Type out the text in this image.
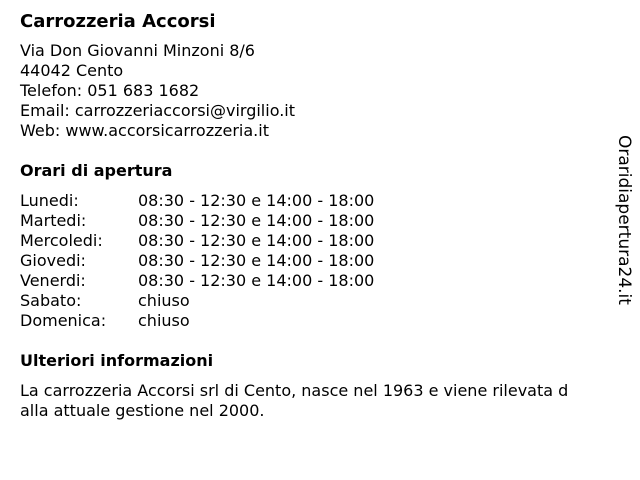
Carrozzeria Accorsi
Via Don Giovanni Minzoni 8/6
44042 Cento
Telefon: 051 683 1682
Email: carrozzeriaccorsi@virgilio.it
Web: www.accorsicarrozzeria.it
Orari di apertura
Lunedi:	08:30 - 12:30 e 14:00 - 18:00
Martedi:	08:30 - 12:30 e 14:00 - 18:00
Mercoledi:	08:30 - 12:30 e 14:00 - 18:00
Giovedi:	08:30 - 12:30 e 14:00 - 18:00
Venerdi:	08:30 - 12:30 e 14:00 - 18:00
Sabato:	chiuso
Domenica:	chiuso
Ulteriori informazioni
La carrozzeria Accorsi srl di Cento, nasce nel 1963 e viene rilevata d
alla attuale gestione nel 2000.
Oraridiapertura24.it
